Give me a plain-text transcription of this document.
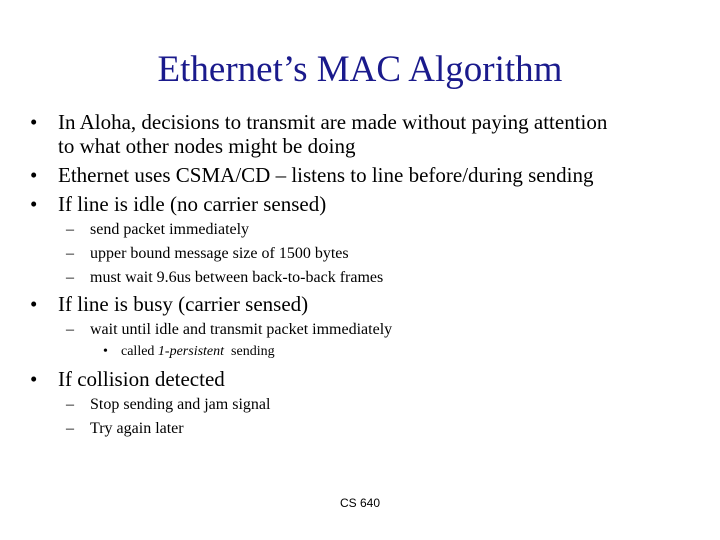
Ethernet’s MAC Algorithm
• In Aloha, decisions to transmit are made without paying attention
to what other nodes might be doing
• Ethernet uses CSMA/CD – listens to line before/during sending
• If line is idle (no carrier sensed)
– send packet immediately
– upper bound message size of 1500 bytes
– must wait 9.6us between back-to-back frames
• If line is busy (carrier sensed)
– wait until idle and transmit packet immediately
• called 1-persistent sending
• If collision detected
– Stop sending and jam signal
– Try again later
CS 640
